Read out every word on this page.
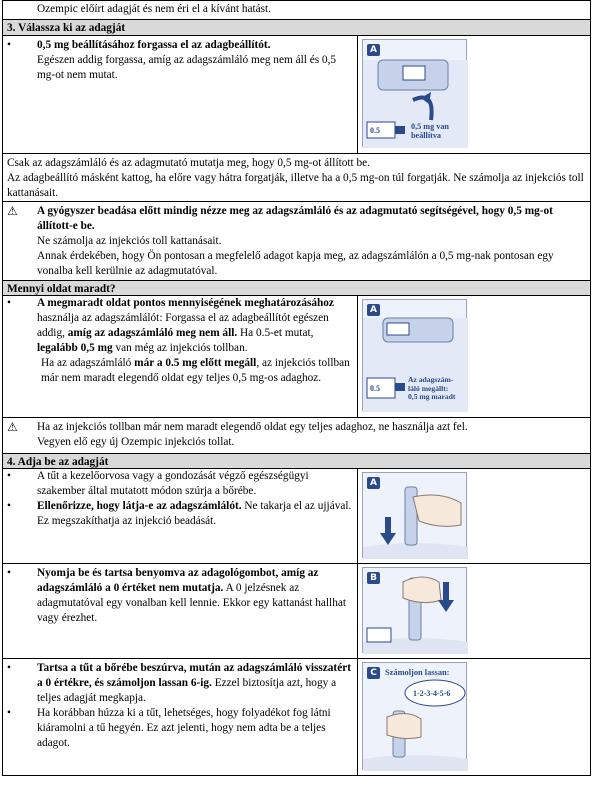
Ozempic előírt adagját és nem éri el a kívánt hatást.
3. Válassza ki az adagját
•	0,5 mg beállításához forgassa el az adagbeállítót.
Egészen addig forgassa, amíg az adagszámláló meg nem áll és 0,5 mg-ot nem mutat.
A
0.5	0,5 mg van
beállítva
Csak az adagszámláló és az adagmutató mutatja meg, hogy 0,5 mg-ot állított be.
Az adagbeállító másként kattog, ha előre vagy hátra forgatják, illetve ha a 0,5 mg-on túl forgatják. Ne számolja az injekciós toll kattanásait.
⚠	A gyógyszer beadása előtt mindig nézze meg az adagszámláló és az adagmutató segítségével, hogy 0,5 mg-ot állított-e be.
Ne számolja az injekciós toll kattanásait.
Annak érdekében, hogy Ön pontosan a megfelelő adagot kapja meg, az adagszámlálón a 0,5 mg-nak pontosan egy vonalba kell kerülnie az adagmutatóval.
Mennyi oldat maradt?
•	A megmaradt oldat pontos mennyiségének meghatározásához használja az adagszámlálót: Forgassa el az adagbeállítót egészen addig, amíg az adagszámláló meg nem áll. Ha 0.5-et mutat, legalább 0,5 mg van még az injekciós tollban.
Ha az adagszámláló már a 0.5 mg előtt megáll, az injekciós tollban már nem maradt elegendő oldat egy teljes 0,5 mg-os adaghoz.
A
0.5
Az adagszám-
láló megállt:
0,5 mg maradt
⚠	Ha az injekciós tollban már nem maradt elegendő oldat egy teljes adaghoz, ne használja azt fel.
Vegyen elő egy új Ozempic injekciós tollat.
4. Adja be az adagját
•	A tűt a kezelőorvosa vagy a gondozását végző egészségügyi szakember által mutatott módon szúrja a bőrébe.
•	Ellenőrizze, hogy látja-e az adagszámlálót. Ne takarja el az ujjával. Ez megszakíthatja az injekció beadását.
A
•	Nyomja be és tartsa benyomva az adagológombot, amíg az adagszámláló a 0 értéket nem mutatja. A 0 jelzésnek az adagmutatóval egy vonalban kell lennie. Ekkor egy kattanást hallhat vagy érezhet.
B
•	Tartsa a tűt a bőrébe beszúrva, mután az adagszámláló visszatért a 0 értékre, és számoljon lassan 6-ig. Ezzel biztosítja azt, hogy a teljes adagját megkapja.
•	Ha korábban húzza ki a tűt, lehetséges, hogy folyadékot fog látni kiáramolni a tű hegyén. Ez azt jelenti, hogy nem adta be a teljes adagot.
C Számoljon lassan:
1-2-3-4-5-6
